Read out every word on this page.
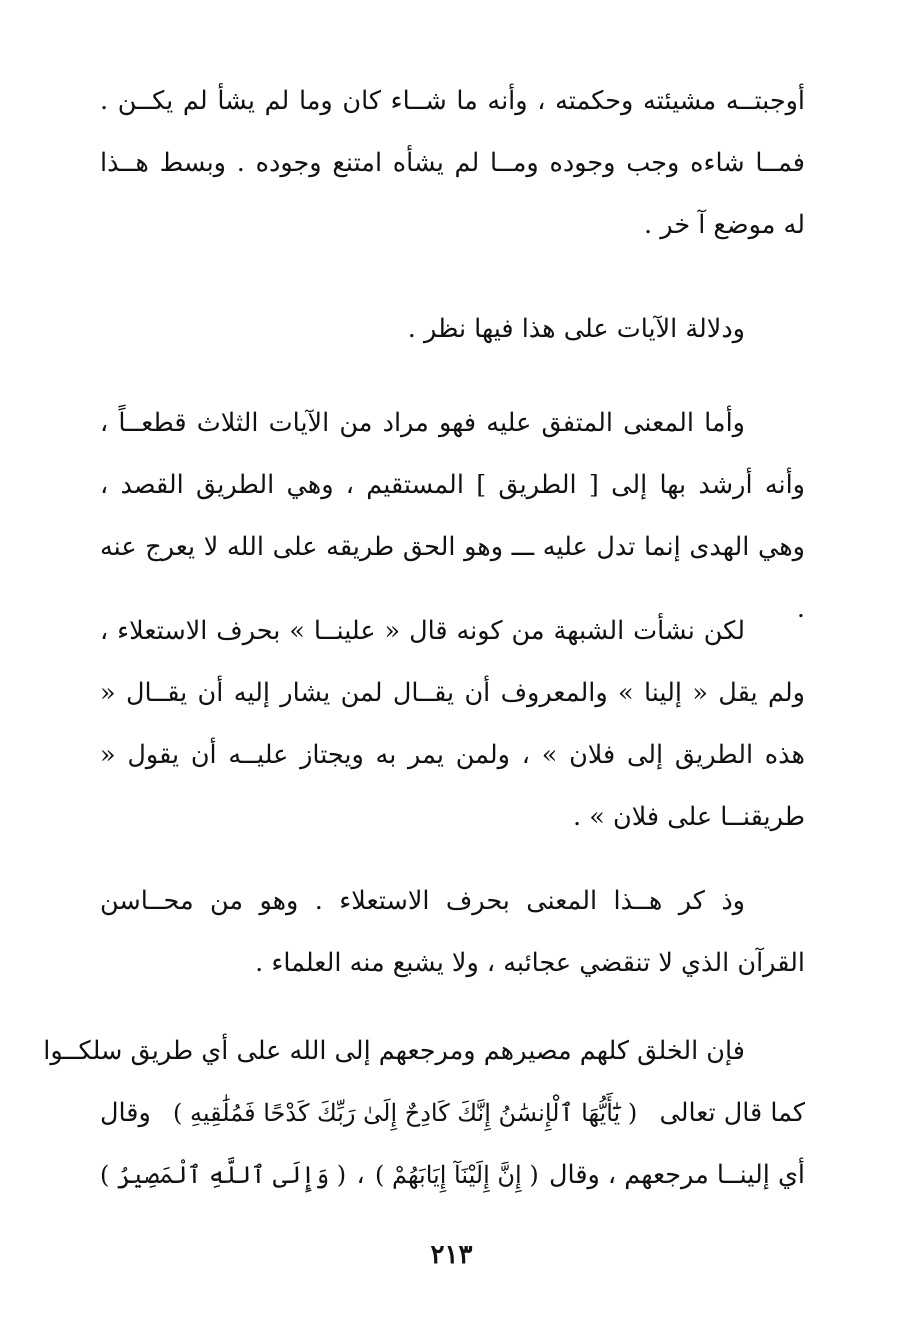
أوجبتــه مشيئته وحكمته ، وأنه ما شــاء كان وما لم يشأ لم يكــن . فمــا شاءه وجب وجوده ومــا لم يشأه امتنع وجوده . وبسط هــذا له موضع آ خر .

ودلالة الآيات على هذا فيها نظر .

وأما المعنى المتفق عليه فهو مراد من الآيات الثلاث قطعــاً ، وأنه أرشد بها إلى [ الطريق ] المستقيم ، وهي الطريق القصد ، وهي الهدى إنما تدل عليه ـــ وهو الحق طريقه على الله لا يعرج عنه .

لكن نشأت الشبهة من كونه قال « علينــا » بحرف الاستعلاء ، ولم يقل « إلينا » والمعروف أن يقــال لمن يشار إليه أن يقــال « هذه الطريق إلى فلان » ، ولمن يمر به ويجتاز عليــه أن يقول « طريقنــا على فلان » .

وذ كر هــذا المعنى بحرف الاستعلاء . وهو من محــاسن القرآن الذي لا تنقضي عجائبه ، ولا يشبع منه العلماء .

فإن الخلق كلهم مصيرهم ومرجعهم إلى الله على أي طريق سلكــوا
كما قال تعالى
( يَٰٓأَيُّهَا ٱلْإِنسَٰنُ إِنَّكَ كَادِحٌ إِلَىٰ رَبِّكَ كَدْحًا فَمُلَٰقِيهِ )
وقال
أي إلينــا مرجعهم ، وقال
( إِنَّ إِلَيْنَآ إِيَابَهُمْ )
،
( وَإِلَى ٱللَّهِ ٱلْمَصِيرُ )
٢١٣
